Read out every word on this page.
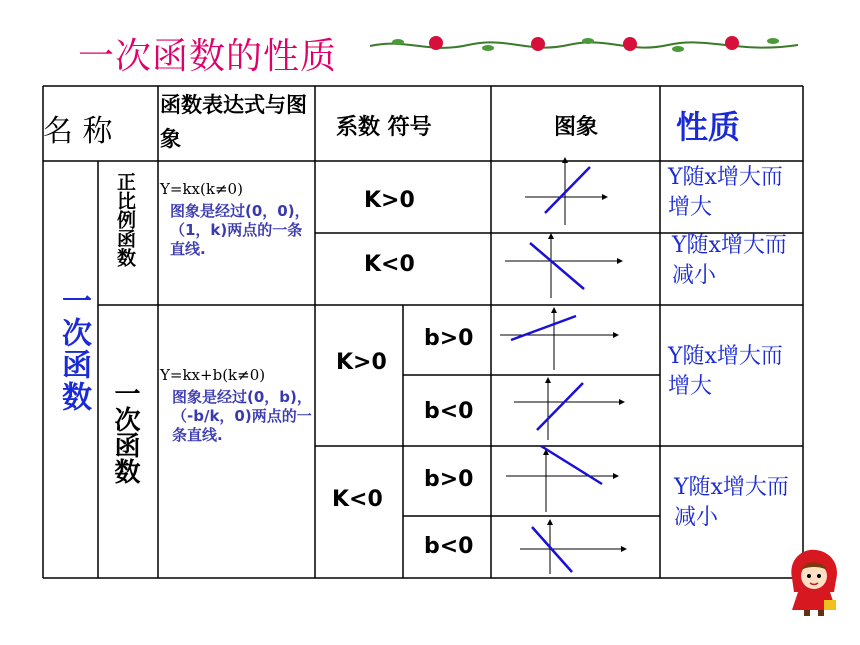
一次函数的性质
名 称
函数表达式与图象	系数 符号	图象 性质
一次函数
正比例函数 Y=kx(k≠0)
图象是经过(0，0)，（1，k)两点的一条直线.
K>0
K<0
Y随x增大而增大
Y随x增大而减小
一次函数
Y=kx+b(k≠0)
图象是经过(0，b)，（-b/k，0)两点的一条直线.
K>0
K<0
b>0
b<0
b>0
b<0
Y随x增大而增大
Y随x增大而减小
